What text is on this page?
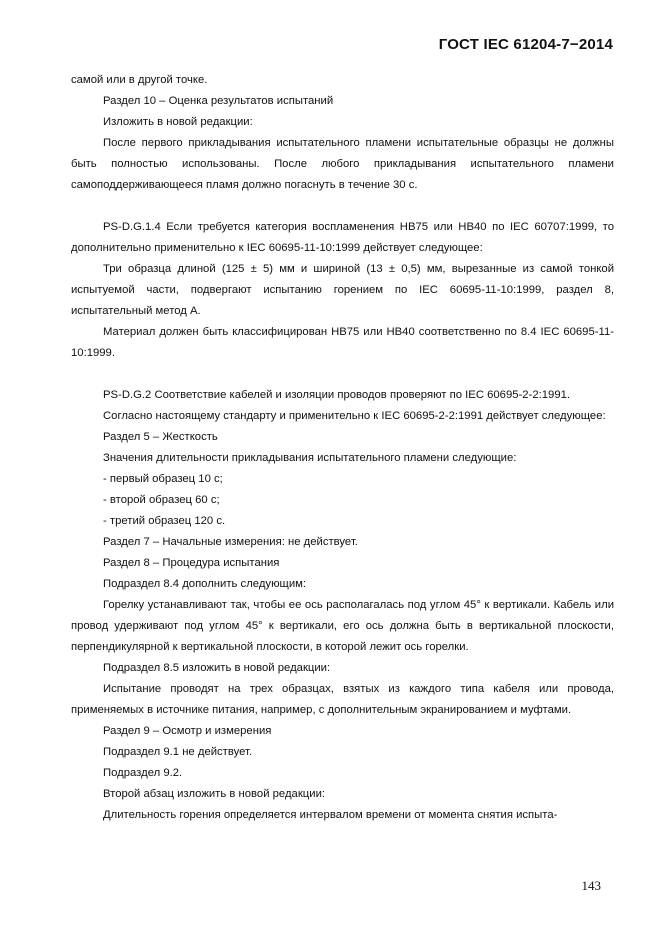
ГОСТ IEC 61204-7−2014

самой или в другой точке.

Раздел 10 – Оценка результатов испытаний

Изложить в новой редакции:

После первого прикладывания испытательного пламени испытательные образцы не должны быть полностью использованы. После любого прикладывания испытательного пламени самоподдерживающееся пламя должно погаснуть в течение 30 с.

PS-D.G.1.4 Если требуется категория воспламенения HB75 или HB40 по IEC 60707:1999, то дополнительно применительно к IEC 60695-11-10:1999 действует следующее:

Три образца длиной (125 ± 5) мм и шириной (13 ± 0,5) мм, вырезанные из самой тонкой испытуемой части, подвергают испытанию горением по IEC 60695-11-10:1999, раздел 8, испытательный метод А.

Материал должен быть классифицирован HB75 или HB40 соответственно по 8.4 IEC 60695-11-10:1999.

PS-D.G.2 Соответствие кабелей и изоляции проводов проверяют по IEC 60695-2-2:1991.

Согласно настоящему стандарту и применительно к IEC 60695-2-2:1991 действует следующее:

Раздел 5 – Жесткость

Значения длительности прикладывания испытательного пламени следующие:

- первый образец 10 с;

- второй образец 60 с;

- третий образец 120 с.

Раздел 7 – Начальные измерения: не действует.

Раздел 8 – Процедура испытания

Подраздел 8.4 дополнить следующим:

Горелку устанавливают так, чтобы ее ось располагалась под углом 45° к вертикали. Кабель или провод удерживают под углом 45° к вертикали, его ось должна быть в вертикальной плоскости, перпендикулярной к вертикальной плоскости, в которой лежит ось горелки.

Подраздел 8.5 изложить в новой редакции:

Испытание проводят на трех образцах, взятых из каждого типа кабеля или провода, применяемых в источнике питания, например, с дополнительным экранированием и муфтами.

Раздел 9 – Осмотр и измерения

Подраздел 9.1 не действует.

Подраздел 9.2.

Второй абзац изложить в новой редакции:

Длительность горения определяется интервалом времени от момента снятия испыта-

143
